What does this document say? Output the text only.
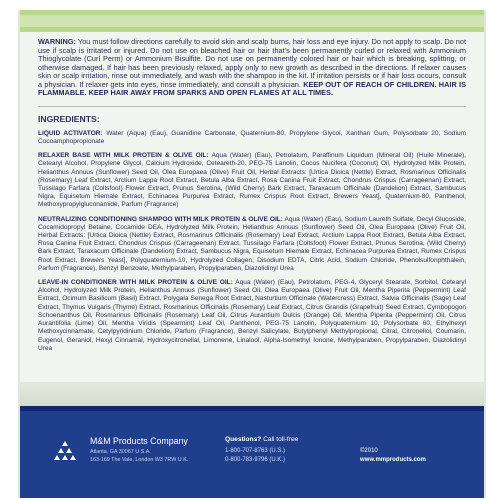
WARNING: You must follow directions carefully to avoid skin and scalp burns, hair loss and eye injury. Do not apply to scalp. Do not use if scalp is irritated or injured. Do not use on bleached hair or hair that's been permanently curled or relaxed with Ammonium Thioglycolate (Curl Perm) or Ammonium Bisulfite. Do not use on permanently colored hair or hair which is breaking, splitting, or otherwise damaged. If hair has been previously relaxed, apply only to new growth as described in the directions. If relaxer causes skin or scalp irritation, rinse out immediately, and wash with the shampoo in the kit. If irritation persists or if hair loss occurs, consult a physician. If relaxer gets into eyes, rinse immediately, and consult a physician. KEEP OUT OF REACH OF CHILDREN. HAIR IS FLAMMABLE. KEEP HAIR AWAY FROM SPARKS AND OPEN FLAMES AT ALL TIMES.

INGREDIENTS:

LIQUID ACTIVATOR: Water (Aqua) (Eau), Guanidine Carbonate, Quaternium-80, Propylene Glycol, Xanthan Gum, Polysorbate 20, Sodium Cocoamphopropionate

RELAXER BASE WITH MILK PROTEIN & OLIVE OIL: Aqua (Water) (Eau), Petrolatum, Paraffinum Liquidum (Mineral Oil) (Huile Minerale), Cetearyl Alcohol, Propylene Glycol, Calcium Hydroxide, Ceteareth-20, PEG-75 Lanolin, Cocos Nucifera (Coconut) Oil, Hydrolyzed Milk Protein, Helianthus Annuus (Sunflower) Seed Oil, Olea Europaea (Olive) Fruit Oil, Herbal Extracts: [Urtica Dioica (Nettle) Extract, Rosmarinus Officinalis (Rosemary) Leaf Extract, Arctium Lappa Root Extract, Betula Alba Extract, Rosa Canina Fruit Extract, Chondrus Crispus (Carrageenan) Extract, Tussilago Farfara (Coltsfoot) Flower Extract, Prunus Serotina, (Wild Cherry) Bark Extract, Taraxacum Officinale (Dandelion) Extract, Sambucus Nigra, Equisetum Hiemale Extract, Echinacea Purpurea Extract, Rumex Crispus Root Extract, Brewers Yeast], Quaternium-80, Panthenol, Methoxypropylgluconamide, Parfum (Fragrance)

NEUTRALIZING CONDITIONING SHAMPOO WITH MILK PROTEIN & OLIVE OIL: Aqua (Water) (Eau), Sodium Laureth Sulfate, Decyl Glucoside, Cocamidopropyl Betaine, Cocamide DEA, Hydrolyzed Milk Protein, Helianthus Annuus (Sunflower) Seed Oil, Olea Europaea (Olive) Fruit Oil, Herbal Extracts: [Urtica Dioica (Nettle) Extract, Rosmarinus Officinalis (Rosemary) Leaf Extract, Arctium Lappa Root Extract, Betula Alba Extract, Rosa Canina Fruit Extract, Chondrus Crispus (Carrageenan) Extract, Tussilago Farfara (Coltsfoot) Flower Extract, Prunus Serotina, (Wild Cherry) Bark Extract, Taraxacum Officinale (Dandelion) Extract, Sambucus Nigra, Equisetum Hiemale Extract, Echinacea Purpurea Extract, Rumex Crispus Root Extract, Brewers Yeast], Polyquaternium-10, Hydrolyzed Collagen, Disodium EDTA, Citric Acid, Sodium Chloride, Phenolsulfonphthalein, Parfum (Fragrance), Benzyl Benzoate, Methylparaben, Propylparaben, Diazolidinyl Urea

LEAVE-IN CONDITIONER WITH MILK PROTEIN & OLIVE OIL: Aqua (Water) (Eau), Petrolatum, PEG-4, Glyceryl Stearate, Sorbitol, Cetearyl Alcohol, Hydrolyzed Milk Protein, Helianthus Annuus (Sunflower) Seed Oil, Olea Europaea (Olive) Fruit Oil, Mentha Piperita (Peppermint) Leaf Extract, Ocimum Basilicum (Basil) Extract, Polygala Senega Root Extract, Nasturtium Officinale (Watercress) Extract, Salvia Officinalis (Sage) Leaf Extract, Thymus Vulgaris (Thyme) Extract, Rosmarinus Officinalis (Rosemary) Leaf Extract, Citrus Grandis (Grapefruit) Seed Extract, Cymbopogon Schoenanthus Oil, Rosmarinus Officinalis (Rosemary) Leaf Oil, Citrus Aurantium Dulcis (Orange) Oil, Mentha Piperita (Peppermint) Oil, Citrus Aurantifolia (Lime) Oil, Mentha Viridis (Spearmint) Leaf Oil, Panthenol, PEG-75 Lanolin, Polyquaternium 10, Polysorbate 60, Ethylhexyl Methoxycinnamate, Cetylpyridinium Chloride, Parfum (Fragrance), Benzyl Salicylate, Butylphenyl Methylpropional, Citral, Citronellol, Coumarin, Eugenol, Geraniol, Hexyl Cinnamal, Hydroxycitronellal, Limonene, Linalool, Alpha-Isomethyl Ionone, Methylparaben, Propylparaben, Diazolidinyl Urea

M&M Products Company
Atlanta, GA 30067 U.S.A.
163-169 The Vale, London W3 7RW U.K.
Questions? Call toll-free
1-800-707-8763 (U.S.)
0-800-783-9796 (U.K.)
©2010
www.mmproducts.com
